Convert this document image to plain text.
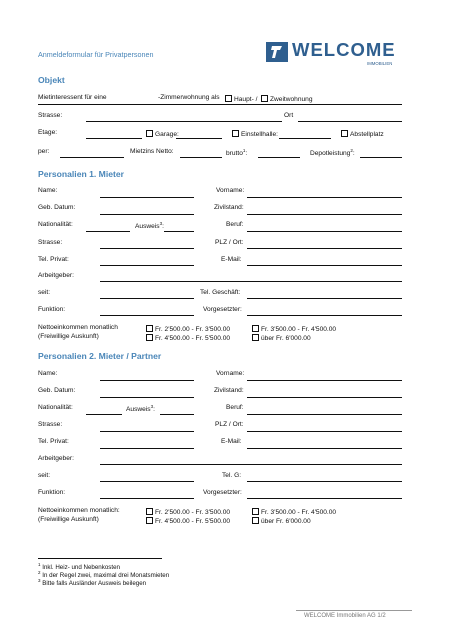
Anmeldeformular für Privatpersonen	WELCOME
IMMOBILIEN
Objekt
Mietinteressent für eine	-Zimmerwohnung als	Haupt- /	Zweitwohnung
Strasse:	Ort
Etage:	Garage:	Einstellhalle:	Abstellplatz
per:	Mietzins Netto:	brutto$^1$:	Depotleistung$^2$:
Personalien 1. Mieter
Name:	Vorname:
Geb. Datum:	Zivilstand:
Nationalität:	Ausweis$^3$:	Beruf:
Strasse:	PLZ / Ort:
Tel. Privat:	E-Mail:
Arbeitgeber:
seit:	Tel. Geschäft:
Funktion:	Vorgesetzter:
Nettoeinkommen monatlich
(Freiwillige Auskunft)
Fr. 2'500.00 - Fr. 3'500.00	Fr. 3'500.00 - Fr. 4'500.00
Fr. 4'500.00 - Fr. 5'500.00	über Fr. 6'000.00
Personalien 2. Mieter / Partner
Name:	Vorname:
Geb. Datum:	Zivilstand:
Nationalität:	Ausweis$^3$:	Beruf:
Strasse:	PLZ / Ort:
Tel. Privat:	E-Mail:
Arbeitgeber:
seit:	Tel. G:
Funktion:	Vorgesetzter:
Nettoeinkommen monatlich:
(Freiwillige Auskunft)
Fr. 2'500.00 - Fr. 3'500.00	Fr. 3'500.00 - Fr. 4'500.00
Fr. 4'500.00 - Fr. 5'500.00	über Fr. 6'000.00
$^1$ Inkl. Heiz- und Nebenkosten
$^2$ In der Regel zwei, maximal drei Monatsmieten
$^3$ Bitte falls Ausländer Ausweis beilegen
WELCOME Immobilien AG 1/2
